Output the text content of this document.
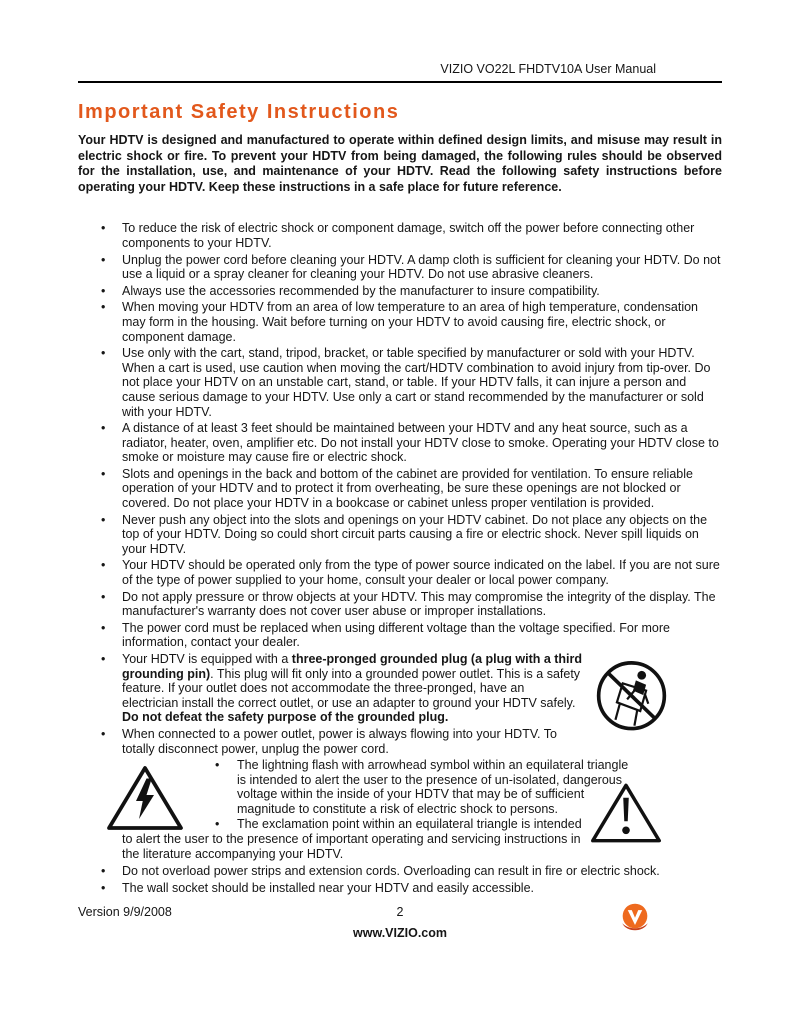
VIZIO VO22L FHDTV10A User Manual
Important Safety Instructions
Your HDTV is designed and manufactured to operate within defined design limits, and misuse may result in electric shock or fire. To prevent your HDTV from being damaged, the following rules should be observed for the installation, use, and maintenance of your HDTV. Read the following safety instructions before operating your HDTV. Keep these instructions in a safe place for future reference.
• To reduce the risk of electric shock or component damage, switch off the power before connecting other components to your HDTV.
• Unplug the power cord before cleaning your HDTV. A damp cloth is sufficient for cleaning your HDTV. Do not use a liquid or a spray cleaner for cleaning your HDTV. Do not use abrasive cleaners.
• Always use the accessories recommended by the manufacturer to insure compatibility.
• When moving your HDTV from an area of low temperature to an area of high temperature, condensation may form in the housing. Wait before turning on your HDTV to avoid causing fire, electric shock, or component damage.
• Use only with the cart, stand, tripod, bracket, or table specified by manufacturer or sold with your HDTV. When a cart is used, use caution when moving the cart/HDTV combination to avoid injury from tip-over. Do not place your HDTV on an unstable cart, stand, or table. If your HDTV falls, it can injure a person and cause serious damage to your HDTV. Use only a cart or stand recommended by the manufacturer or sold with your HDTV.
• A distance of at least 3 feet should be maintained between your HDTV and any heat source, such as a radiator, heater, oven, amplifier etc. Do not install your HDTV close to smoke. Operating your HDTV close to smoke or moisture may cause fire or electric shock.
• Slots and openings in the back and bottom of the cabinet are provided for ventilation. To ensure reliable operation of your HDTV and to protect it from overheating, be sure these openings are not blocked or covered. Do not place your HDTV in a bookcase or cabinet unless proper ventilation is provided.
• Never push any object into the slots and openings on your HDTV cabinet. Do not place any objects on the top of your HDTV. Doing so could short circuit parts causing a fire or electric shock. Never spill liquids on your HDTV.
• Your HDTV should be operated only from the type of power source indicated on the label. If you are not sure of the type of power supplied to your home, consult your dealer or local power company.
• Do not apply pressure or throw objects at your HDTV. This may compromise the integrity of the display. The manufacturer's warranty does not cover user abuse or improper installations.
• The power cord must be replaced when using different voltage than the voltage specified. For more information, contact your dealer.
• Your HDTV is equipped with a three-pronged grounded plug (a plug with a third grounding pin). This plug will fit only into a grounded power outlet. This is a safety feature. If your outlet does not accommodate the three-pronged, have an electrician install the correct outlet, or use an adapter to ground your HDTV safely. Do not defeat the safety purpose of the grounded plug.
• When connected to a power outlet, power is always flowing into your HDTV. To totally disconnect power, unplug the power cord.
• The lightning flash with arrowhead symbol within an equilateral triangle is intended to alert the user to the presence of un-isolated, dangerous voltage within the inside of your HDTV that may be of sufficient magnitude to constitute a risk of electric shock to persons.
• The exclamation point within an equilateral triangle is intended
to alert the user to the presence of important operating and servicing instructions in the literature accompanying your HDTV.
• Do not overload power strips and extension cords. Overloading can result in fire or electric shock.
• The wall socket should be installed near your HDTV and easily accessible.
Version 9/9/2008	2
www.VIZIO.com
